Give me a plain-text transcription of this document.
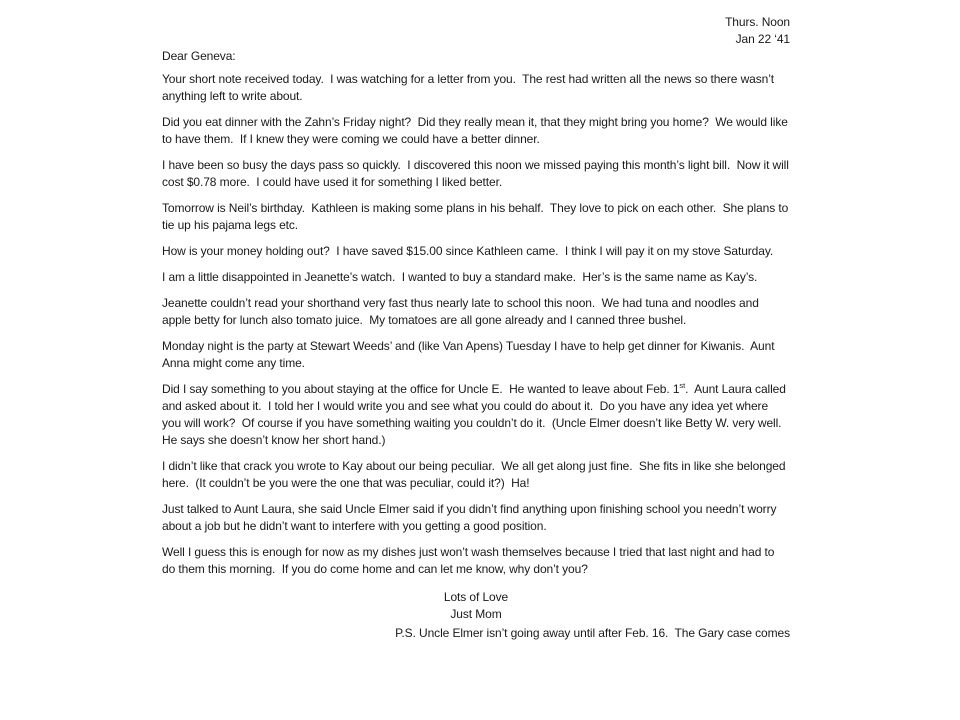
Thurs. Noon
Jan 22 ‘41

Dear Geneva:

Your short note received today.  I was watching for a letter from you.  The rest had written all the news so there wasn’t anything left to write about.

Did you eat dinner with the Zahn’s Friday night?  Did they really mean it, that they might bring you home?  We would like to have them.  If I knew they were coming we could have a better dinner.

I have been so busy the days pass so quickly.  I discovered this noon we missed paying this month’s light bill.  Now it will cost $0.78 more.  I could have used it for something I liked better.

Tomorrow is Neil’s birthday.  Kathleen is making some plans in his behalf.  They love to pick on each other.  She plans to tie up his pajama legs etc.

How is your money holding out?  I have saved $15.00 since Kathleen came.  I think I will pay it on my stove Saturday.

I am a little disappointed in Jeanette’s watch.  I wanted to buy a standard make.  Her’s is the same name as Kay’s.

Jeanette couldn’t read your shorthand very fast thus nearly late to school this noon.  We had tuna and noodles and apple betty for lunch also tomato juice.  My tomatoes are all gone already and I canned three bushel.

Monday night is the party at Stewart Weeds’ and (like Van Apens) Tuesday I have to help get dinner for Kiwanis.  Aunt Anna might come any time.

Did I say something to you about staying at the office for Uncle E.  He wanted to leave about Feb. 1st.  Aunt Laura called and asked about it.  I told her I would write you and see what you could do about it.  Do you have any idea yet where you will work?  Of course if you have something waiting you couldn’t do it.  (Uncle Elmer doesn’t like Betty W. very well.  He says she doesn’t know her short hand.)

I didn’t like that crack you wrote to Kay about our being peculiar.  We all get along just fine.  She fits in like she belonged here.  (It couldn’t be you were the one that was peculiar, could it?)  Ha!

Just talked to Aunt Laura, she said Uncle Elmer said if you didn’t find anything upon finishing school you needn’t worry about a job but he didn’t want to interfere with you getting a good position.

Well I guess this is enough for now as my dishes just won’t wash themselves because I tried that last night and had to do them this morning.  If you do come home and can let me know, why don’t you?

Lots of Love
Just Mom

P.S. Uncle Elmer isn’t going away until after Feb. 16.  The Gary case comes
